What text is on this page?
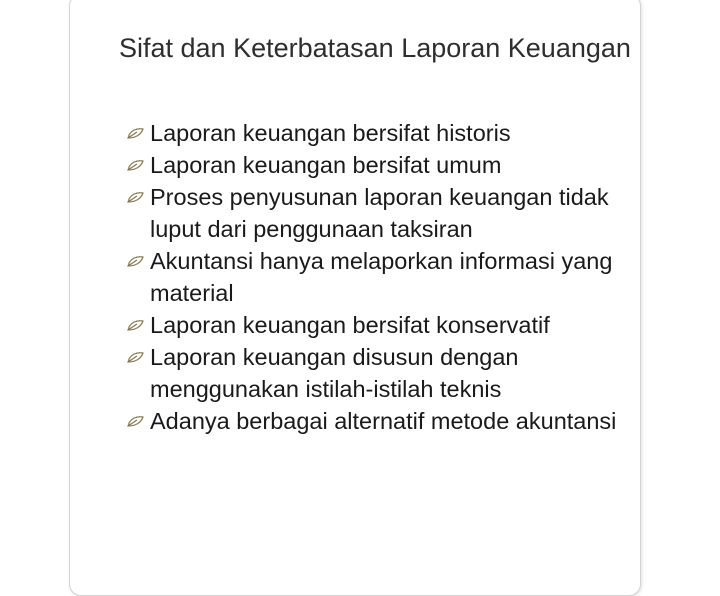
Sifat dan Keterbatasan Laporan Keuangan
Laporan keuangan bersifat historis
Laporan keuangan bersifat umum
Proses penyusunan laporan keuangan tidak luput dari penggunaan taksiran
Akuntansi hanya melaporkan informasi yang material
Laporan keuangan bersifat konservatif
Laporan keuangan disusun dengan menggunakan istilah-istilah teknis
Adanya berbagai alternatif metode akuntansi
